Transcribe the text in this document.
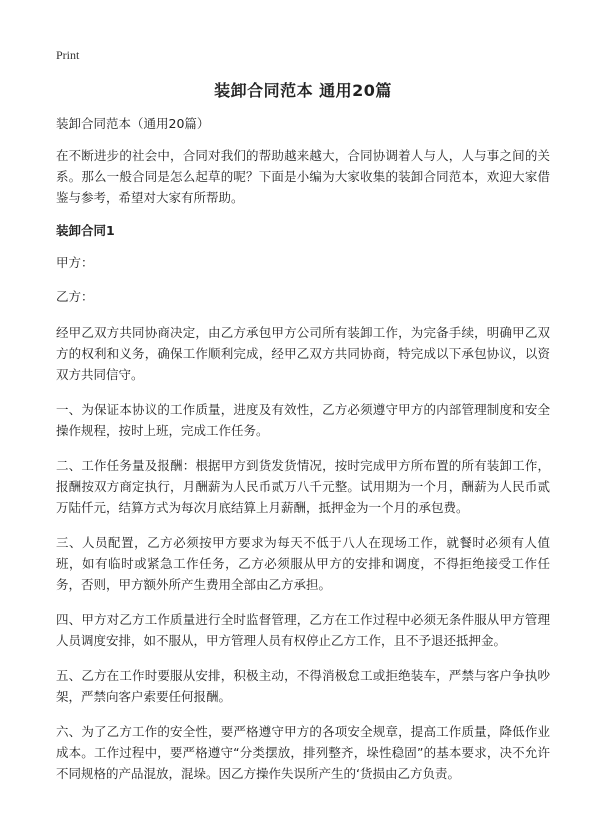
Print
装卸合同范本 通用20篇
装卸合同范本（通用20篇）
在不断进步的社会中，合同对我们的帮助越来越大，合同协调着人与人，人与事之间的关系。那么一般合同是怎么起草的呢？下面是小编为大家收集的装卸合同范本，欢迎大家借鉴与参考，希望对大家有所帮助。
装卸合同1
甲方：
乙方：
经甲乙双方共同协商决定，由乙方承包甲方公司所有装卸工作，为完备手续，明确甲乙双方的权利和义务，确保工作顺利完成，经甲乙双方共同协商，特完成以下承包协议，以资双方共同信守。
一、为保证本协议的工作质量，进度及有效性，乙方必须遵守甲方的内部管理制度和安全操作规程，按时上班，完成工作任务。
二、工作任务量及报酬：根据甲方到货发货情况，按时完成甲方所布置的所有装卸工作，报酬按双方商定执行，月酬薪为人民币贰万八千元整。试用期为一个月，酬薪为人民币贰万陆仟元，结算方式为每次月底结算上月薪酬，抵押金为一个月的承包费。
三、人员配置，乙方必须按甲方要求为每天不低于八人在现场工作，就餐时必须有人值班，如有临时或紧急工作任务，乙方必须服从甲方的安排和调度，不得拒绝接受工作任务，否则，甲方额外所产生费用全部由乙方承担。
四、甲方对乙方工作质量进行全时监督管理，乙方在工作过程中必须无条件服从甲方管理人员调度安排，如不服从，甲方管理人员有权停止乙方工作，且不予退还抵押金。
五、乙方在工作时要服从安排，积极主动，不得消极怠工或拒绝装车，严禁与客户争执吵 架，严禁向客户索要任何报酬。
六、为了乙方工作的安全性，要严格遵守甲方的各项安全规章，提高工作质量，降低作业成本。工作过程中，要严格遵守“分类摆放，排列整齐，垛性稳固”的基本要求，决不允许不同规格的产品混放，混垛。因乙方操作失误所产生的‘货损由乙方负责。
